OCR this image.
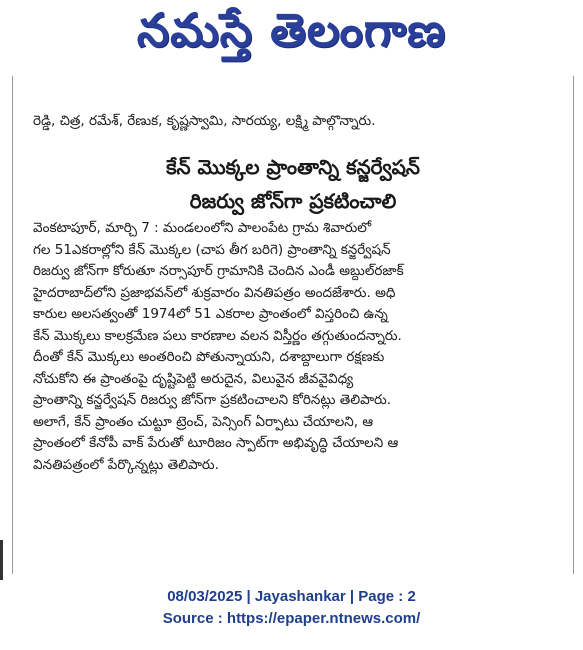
నమస్తే తెలంగాణ
రెడ్డి, చిత్ర, రమేశ్, రేణుక, కృష్ణస్వామి, సారయ్య, లక్ష్మి పాల్గొన్నారు.
కేన్ మొక్కల ప్రాంతాన్ని కన్జర్వేషన్
రిజర్వు జోన్‌గా ప్రకటించాలి

వెంకటాపూర్, మార్చి 7 : మండలంలోని పాలంపేట గ్రామ శివారులో

గల 51ఎకరాల్లోని కేన్ మొక్కల (చాప తీగ బరిగె) ప్రాంతాన్ని కన్జర్వేషన్

రిజర్వు జోన్‌గా కోరుతూ నర్సాపూర్ గ్రామానికి చెందిన ఎండీ అబ్దుల్‌రజాక్

హైదరాబాద్‌లోని ప్రజాభవన్‌లో శుక్రవారం వినతిపత్రం అందజేశారు. అధి

కారుల అలసత్వంతో 1974లో 51 ఎకరాల ప్రాంతంలో విస్తరించి ఉన్న

కేన్ మొక్కలు కాలక్రమేణ పలు కారణాల వలన విస్తీర్ణం తగ్గుతుందన్నారు.

దీంతో కేన్ మొక్కలు అంతరించి పోతున్నాయని, దశాబ్దాలుగా రక్షణకు

నోచుకోని ఈ ప్రాంతంపై దృష్టిపెట్టి అరుదైన, విలువైన జీవవైవిధ్య

ప్రాంతాన్ని కన్జర్వేషన్ రిజర్వు జోన్‌గా ప్రకటించాలని కోరినట్లు తెలిపారు.

అలాగే, కేన్ ప్రాంతం చుట్టూ ట్రెంచ్, పెన్సింగ్ ఏర్పాటు చేయాలని, ఆ

ప్రాంతంలో కేనోపీ వాక్ పేరుతో టూరిజం స్పాట్‌గా అభివృద్ధి చేయాలని ఆ

వినతిపత్రంలో పేర్కొన్నట్లు తెలిపారు.

08/03/2025 | Jayashankar | Page : 2
Source : https://epaper.ntnews.com/
